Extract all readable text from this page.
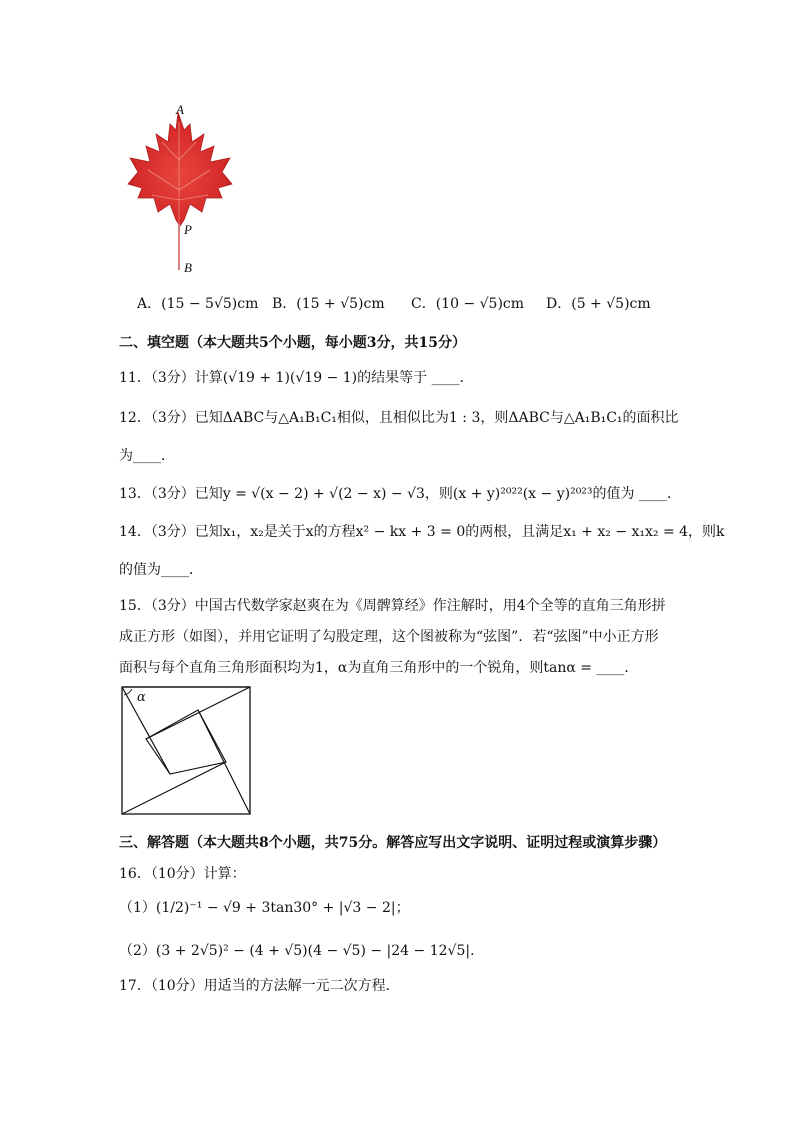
A
P
B
A．(15 − 5√5)cm B．(15 + √5)cm C．(10 − √5)cm D．(5 + √5)cm
二、填空题（本大题共5个小题，每小题3分，共15分）
11．（3分）计算(√19 + 1)(√19 − 1)的结果等于 ____．
12．（3分）已知ΔABC与△A₁B₁C₁相似，且相似比为1 : 3，则ΔABC与△A₁B₁C₁的面积比
为____．
13．（3分）已知y = √(x − 2) + √(2 − x) − √3，则(x + y)²⁰²²(x − y)²⁰²³的值为 ____．
14．（3分）已知x₁，x₂是关于x的方程x² − kx + 3 = 0的两根，且满足x₁ + x₂ − x₁x₂ = 4，则k
的值为____．
15．（3分）中国古代数学家赵爽在为《周髀算经》作注解时，用4个全等的直角三角形拼
成正方形（如图），并用它证明了勾股定理，这个图被称为“弦图”．若“弦图”中小正方形
面积与每个直角三角形面积均为1，α为直角三角形中的一个锐角，则tanα = ____．
α
三、解答题（本大题共8个小题，共75分。解答应写出文字说明、证明过程或演算步骤）
16．（10分）计算：
（1）(1/2)⁻¹ − √9 + 3tan30° + |√3 − 2|；
（2）(3 + 2√5)² − (4 + √5)(4 − √5) − |24 − 12√5|．
17．（10分）用适当的方法解一元二次方程．
